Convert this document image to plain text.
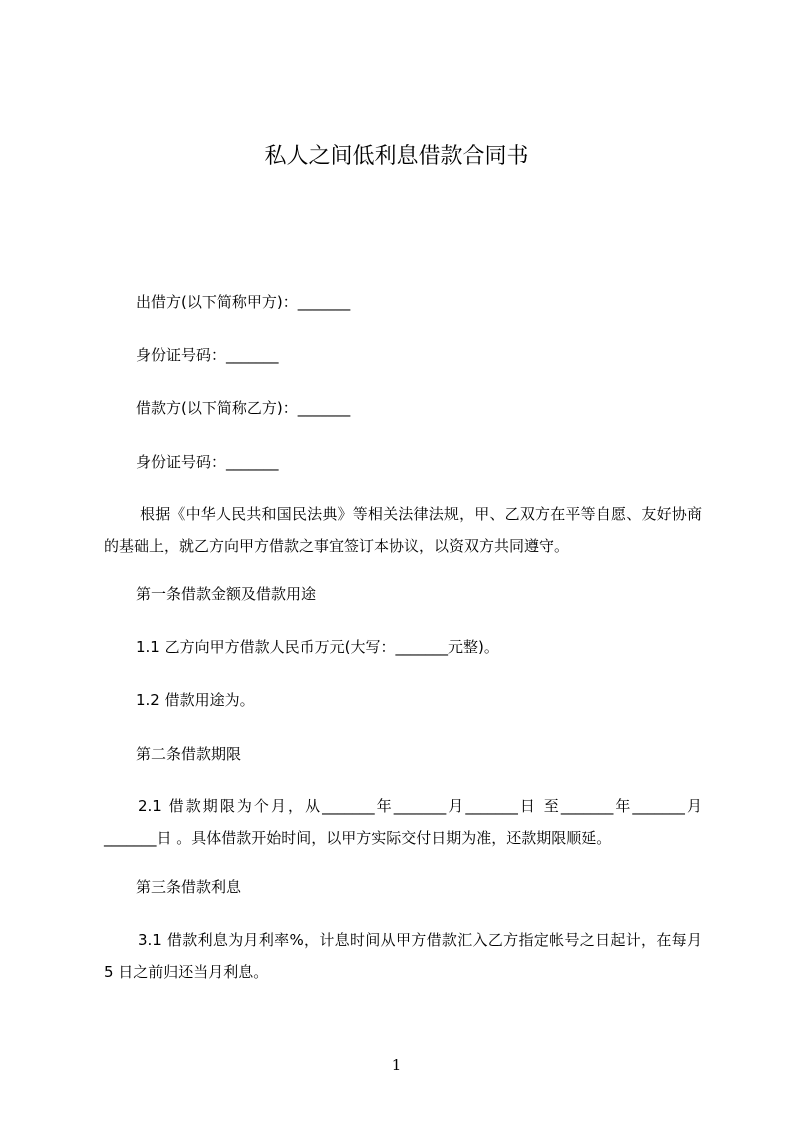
私人之间低利息借款合同书
出借方(以下简称甲方)：_______
身份证号码：_______
借款方(以下简称乙方)：_______
身份证号码：_______
根据《中华人民共和国民法典》等相关法律法规，甲、乙双方在平等自愿、友好协商的基础上，就乙方向甲方借款之事宜签订本协议，以资双方共同遵守。
第一条借款金额及借款用途
1.1 乙方向甲方借款人民币万元(大写：_______元整)。
1.2 借款用途为。
第二条借款期限
2.1 借款期限为个月，从_______年_______月_______日 至_______年_______月_______日 。具体借款开始时间，以甲方实际交付日期为准，还款期限顺延。
第三条借款利息
3.1 借款利息为月利率%，计息时间从甲方借款汇入乙方指定帐号之日起计，在每月 5 日之前归还当月利息。
1
